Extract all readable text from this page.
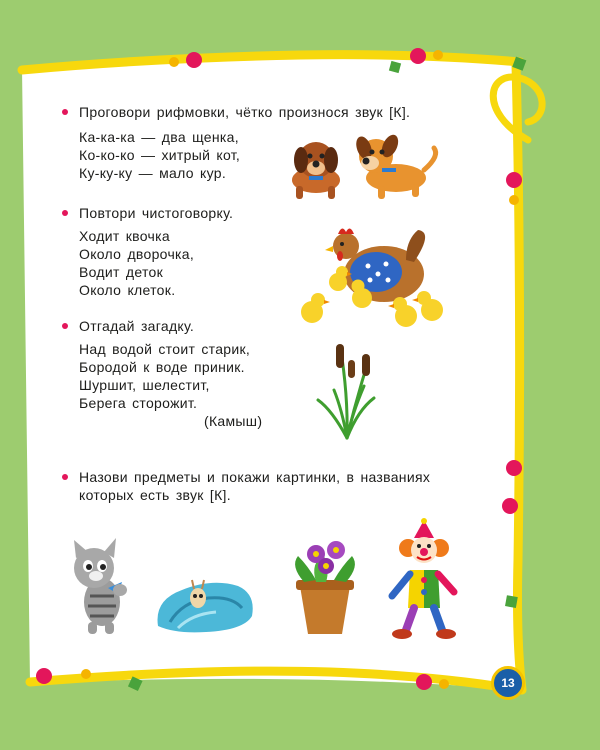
Проговори рифмовки, чётко произнося звук [К].

Ка-ка-ка — два щенка,

Ко-ко-ко — хитрый кот,

Ку-ку-ку — мало кур.

Повтори чистоговорку.

Ходит квочка

Около дворочка,

Водит деток

Около клеток.

Отгадай загадку.

Над водой стоит старик,

Бородой к воде приник.

Шуршит, шелестит,

Берега сторожит.

(Камыш)

Назови предметы и покажи картинки, в названиях
которых есть звук [К].
13
